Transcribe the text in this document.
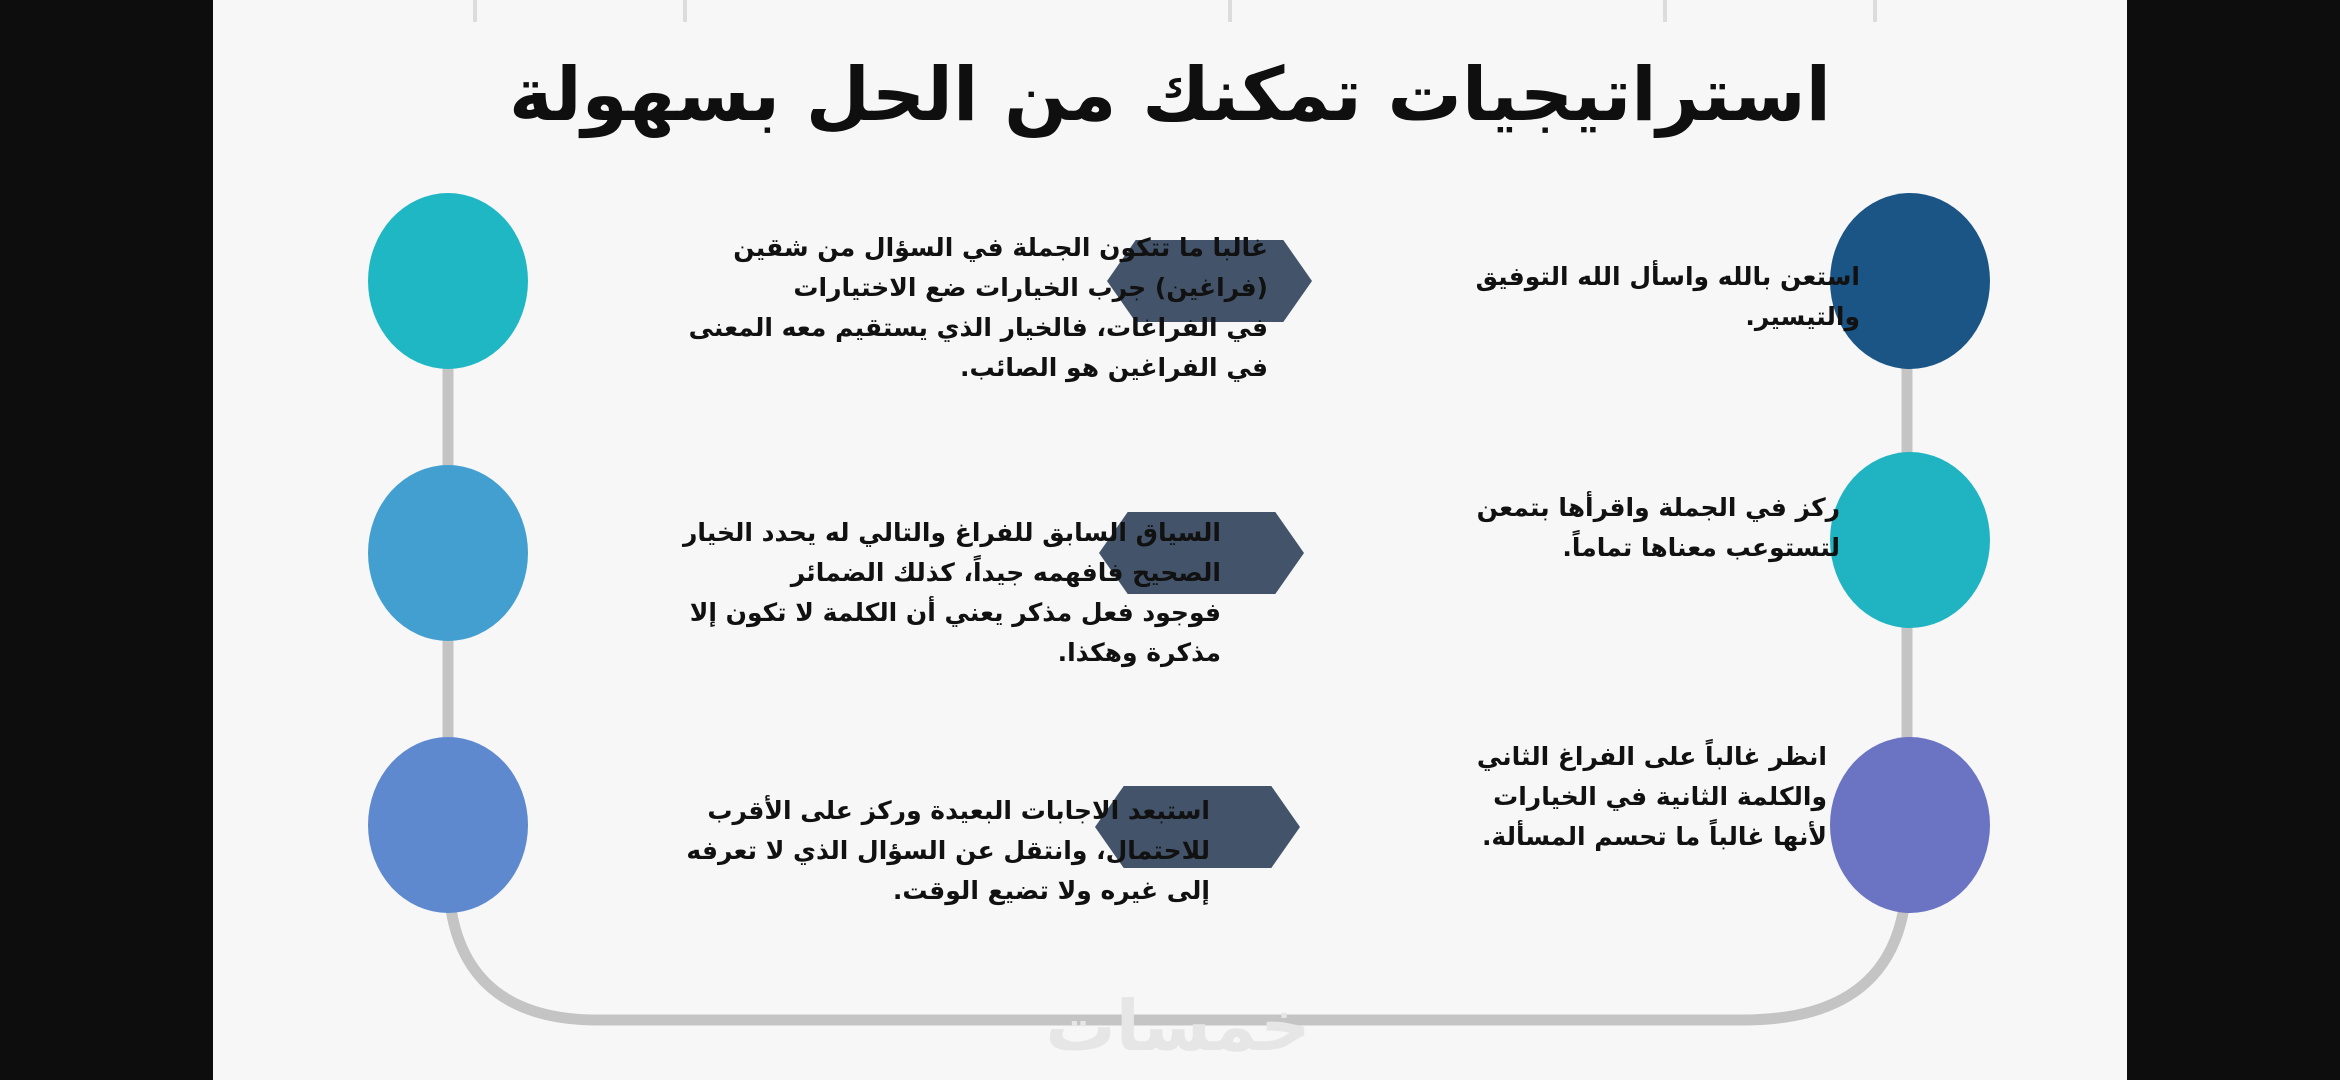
استراتيجيات تمكنك من الحل بسهولة
استعن بالله واسأل الله التوفيق
والتيسير.
ركز في الجملة واقرأها بتمعن
لتستوعب معناها تماماً.
انظر غالباً على الفراغ الثاني
والكلمة الثانية في الخيارات
لأنها غالباً ما تحسم المسألة.
غالبا ما تتكون الجملة في السؤال من شقين
(فراغين) جرب الخيارات ضع الاختيارات
في الفراغات، فالخيار الذي يستقيم معه المعنى
في الفراغين هو الصائب.
السياق السابق للفراغ والتالي له يحدد الخيار
الصحيح فافهمه جيداً، كذلك الضمائر
فوجود فعل مذكر يعني أن الكلمة لا تكون إلا
مذكرة وهكذا.
استبعد الاجابات البعيدة وركز على الأقرب
للاحتمال، وانتقل عن السؤال الذي لا تعرفه
إلى غيره ولا تضيع الوقت.
خمسات
